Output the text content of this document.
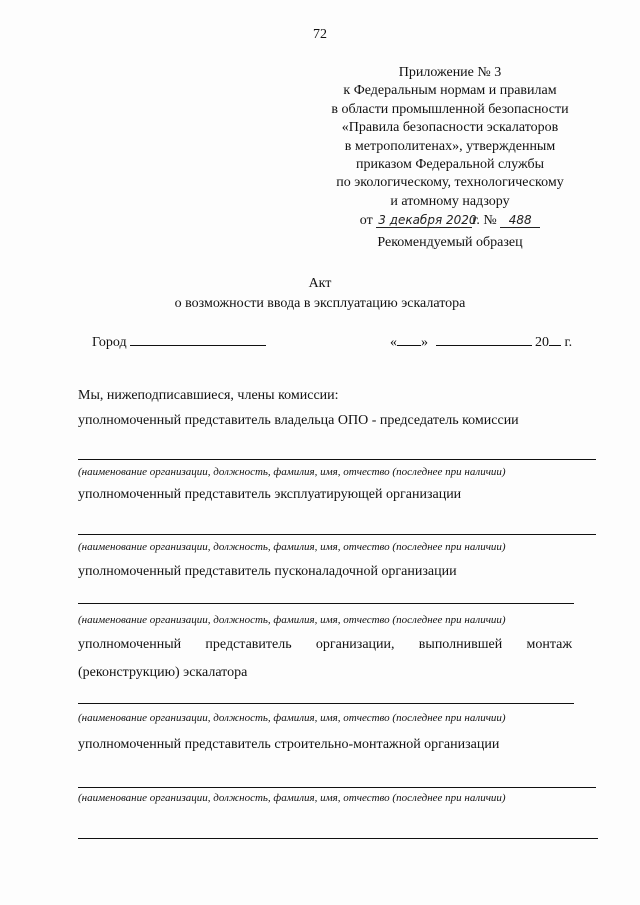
72
Приложение № 3
к Федеральным нормам и правилам
в области промышленной безопасности
«Правила безопасности эскалаторов
в метрополитенах», утвержденным
приказом Федеральной службы
по экологическому, технологическому
и атомному надзору
от 3 декабря 2020г. № 488
Рекомендуемый образец
Акт
о возможности ввода в эксплуатацию эскалатора
Город	« »	20 г.
Мы, нижеподписавшиеся, члены комиссии:
уполномоченный представитель владельца ОПО - председатель комиссии
(наименование организации, должность, фамилия, имя, отчество (последнее при наличии)
уполномоченный представитель эксплуатирующей организации
(наименование организации, должность, фамилия, имя, отчество (последнее при наличии)
уполномоченный представитель пусконаладочной организации
(наименование организации, должность, фамилия, имя, отчество (последнее при наличии)
уполномоченный представитель организации, выполнившей монтаж
(реконструкцию) эскалатора
(наименование организации, должность, фамилия, имя, отчество (последнее при наличии)
уполномоченный представитель строительно-монтажной организации
(наименование организации, должность, фамилия, имя, отчество (последнее при наличии)
